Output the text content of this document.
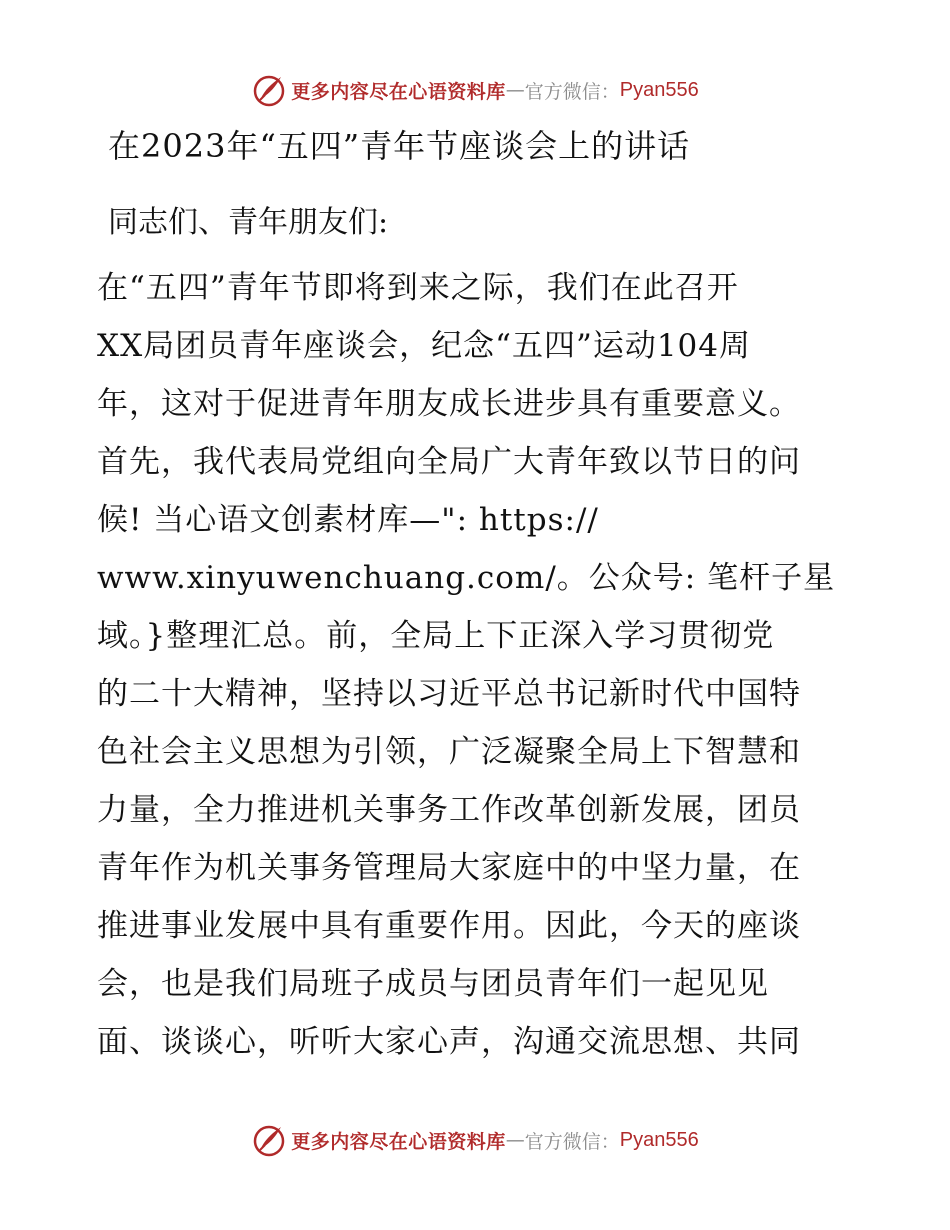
更多内容尽在心语资料库 — 官方微信： Pyan556
在2023年“五四”青年节座谈会上的讲话
同志们、青年朋友们:
在“五四”青年节即将到来之际，我们在此召开
XX局团员青年座谈会，纪念“五四”运动104周
年，这对于促进青年朋友成长进步具有重要意义。
首先，我代表局党组向全局广大青年致以节日的问
候! 当心语文创素材库—": https://
www.xinyuwenchuang.com/。公众号: 笔杆子星
域。}整理汇总。前，全局上下正深入学习贯彻党
的二十大精神，坚持以习近平总书记新时代中国特
色社会主义思想为引领，广泛凝聚全局上下智慧和
力量，全力推进机关事务工作改革创新发展，团员
青年作为机关事务管理局大家庭中的中坚力量，在
推进事业发展中具有重要作用。因此，今天的座谈
会，也是我们局班子成员与团员青年们一起见见
面、谈谈心，听听大家心声，沟通交流思想、共同
更多内容尽在心语资料库 — 官方微信： Pyan556
